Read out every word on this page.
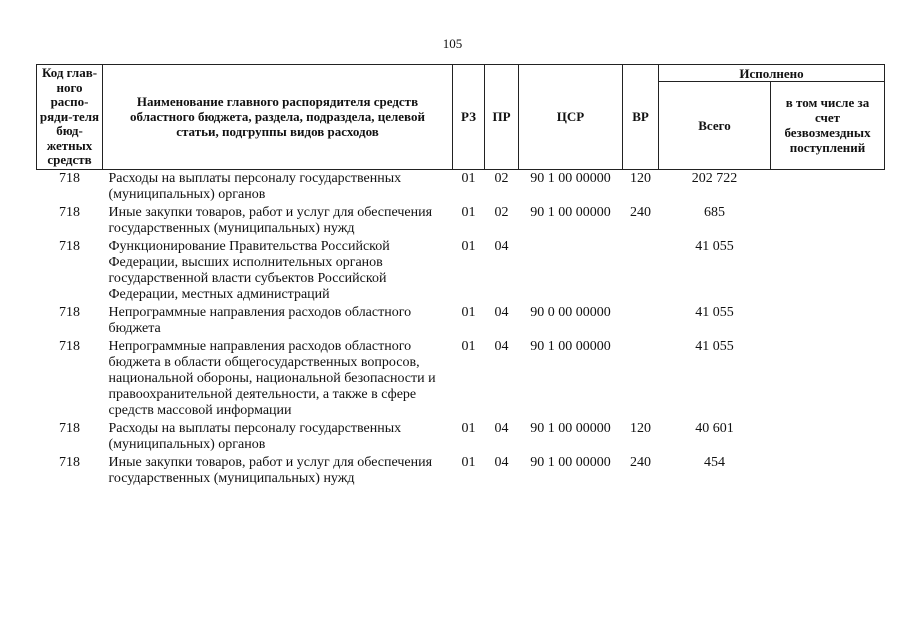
105
Код глав-ного распо-ряди-теля бюд-жетных средств	Наименование главного распорядителя средств областного бюджета, раздела, подраздела, целевой статьи, подгруппы видов расходов	РЗ	ПР	ЦСР	ВР	Исполнено	
						Всего	в том числе за счет безвозмездных поступлений
718	Расходы на выплаты персоналу государственных (муниципальных) органов	01	02	90 1 00 00000	120	202 722	
718	Иные закупки товаров, работ и услуг для обеспечения государственных (муниципальных) нужд	01	02	90 1 00 00000	240	685	
718	Функционирование Правительства Российской Федерации, высших исполнительных органов государственной власти субъектов Российской Федерации, местных администраций	01	04			41 055	
718	Непрограммные направления расходов областного бюджета	01	04	90 0 00 00000		41 055	
718	Непрограммные направления расходов областного бюджета в области общегосударственных вопросов, национальной обороны, национальной безопасности и правоохранительной деятельности, а также в сфере средств массовой информации	01	04	90 1 00 00000		41 055	
718	Расходы на выплаты персоналу государственных (муниципальных) органов	01	04	90 1 00 00000	120	40 601	
718	Иные закупки товаров, работ и услуг для обеспечения государственных (муниципальных) нужд	01	04	90 1 00 00000	240	454	
